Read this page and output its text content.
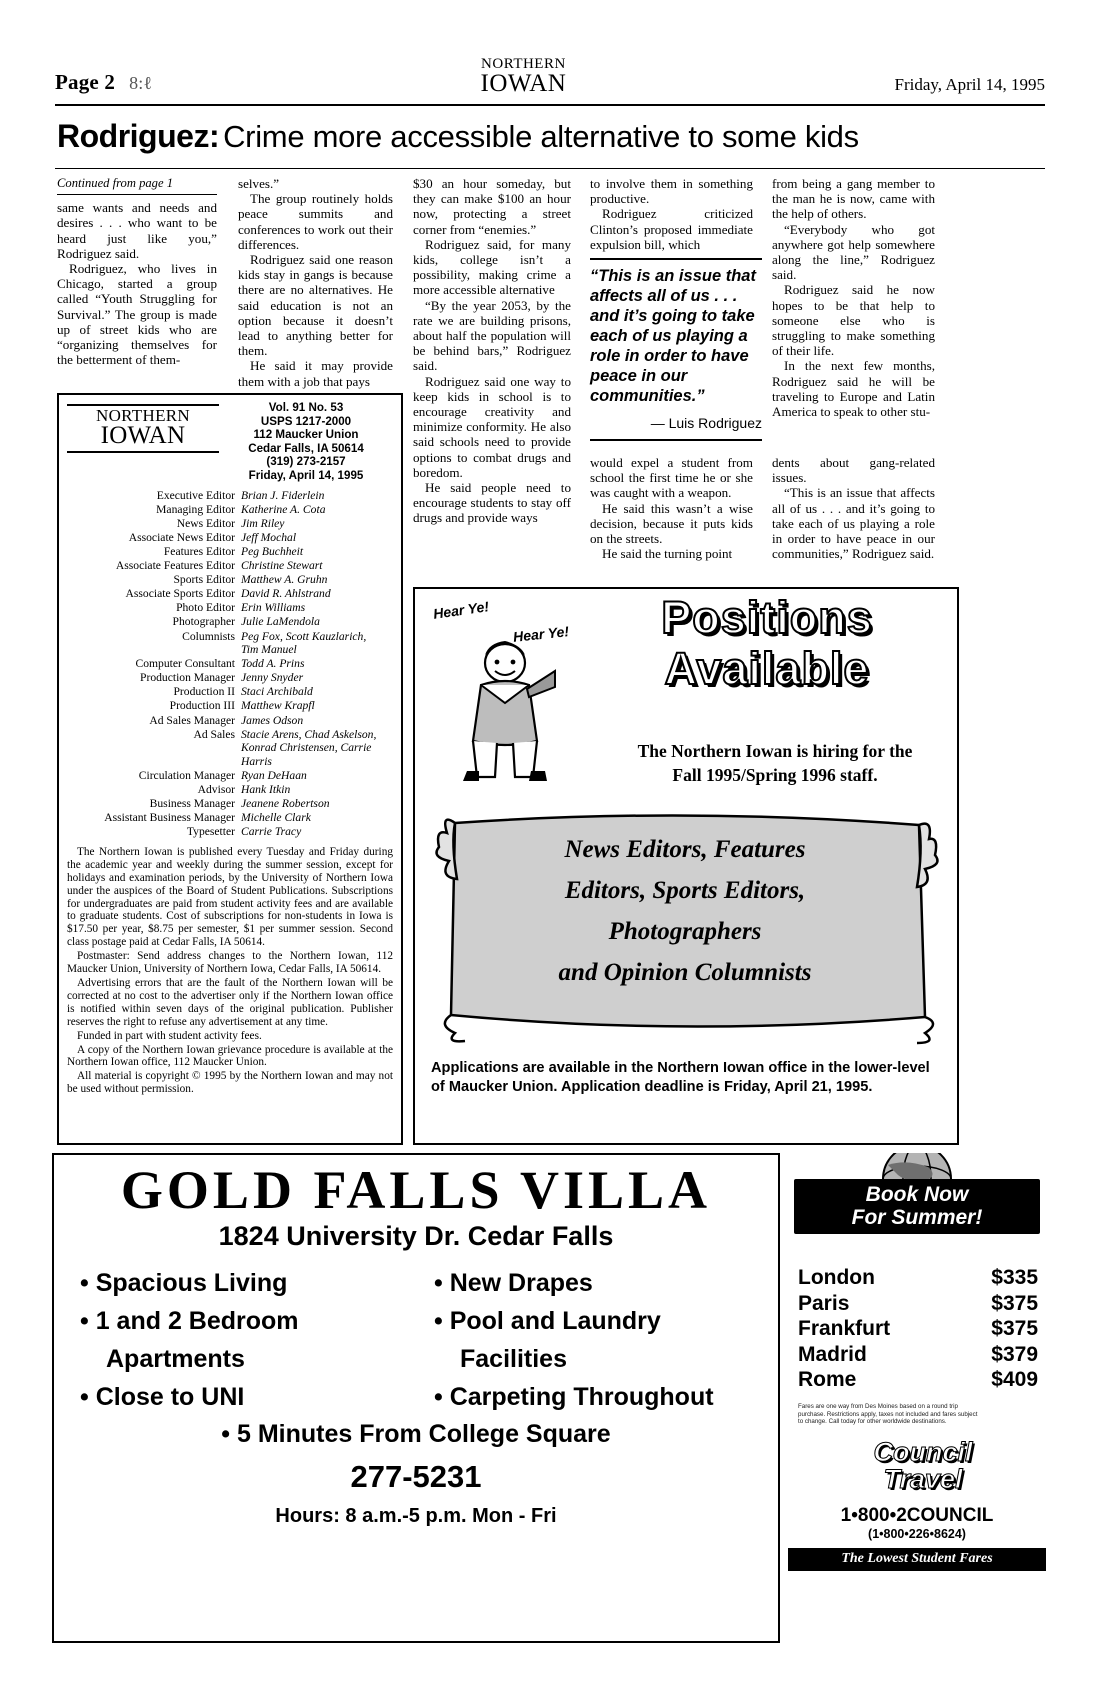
Page 2 8:ℓ
NORTHERN
IOWAN	Friday, April 14, 1995
Rodriguez: Crime more accessible alternative to some kids
Continued from page 1

same wants and needs and desires . . . who want to be heard just like you,” Rodriguez said.

Rodriguez, who lives in Chicago, started a group called “Youth Struggling for Survival.” The group is made up of street kids who are “organizing themselves for the betterment of them-

selves.”

The group routinely holds peace summits and conferences to work out their differences.

Rodriguez said one reason kids stay in gangs is because there are no alternatives. He said education is not an option because it doesn’t lead to anything better for them.

He said it may provide them with a job that pays

$30 an hour someday, but they can make $100 an hour now, protecting a street corner from “enemies.”

Rodriguez said, for many kids, college isn’t a possibility, making crime a more accessible alternative

“By the year 2053, by the rate we are building prisons, about half the population will be behind bars,” Rodriguez said.

Rodriguez said one way to keep kids in school is to encourage creativity and minimize conformity. He also said schools need to provide options to combat drugs and boredom.

He said people need to encourage students to stay off drugs and provide ways

to involve them in something productive.

Rodriguez criticized Clinton’s proposed immediate expulsion bill, which

“This is an issue that affects all of us . . . and it’s going to take each of us playing a role in order to have peace in our communities.”
— Luis Rodriguez

would expel a student from school the first time he or she was caught with a weapon.

He said this wasn’t a wise decision, because it puts kids on the streets.

He said the turning point

from being a gang member to the man he is now, came with the help of others.

“Everybody who got anywhere got help somewhere along the line,” Rodriguez said.

Rodriguez said he now hopes to be that help to someone else who is struggling to make something of their life.

In the next few months, Rodriguez said he will be traveling to Europe and Latin America to speak to other stu-

dents about gang-related issues.

“This is an issue that affects all of us . . . and it’s going to take each of us playing a role in order to have peace in our communities,” Rodriguez said.

NORTHERN
IOWAN
Vol. 91 No. 53
USPS 1217-2000
112 Maucker Union
Cedar Falls, IA 50614
(319) 273-2157
Friday, April 14, 1995
Executive Editor Brian J. Fiderlein
Managing Editor Katherine A. Cota
News Editor Jim Riley
Associate News Editor Jeff Mochal
Features Editor Peg Buchheit
Associate Features Editor Christine Stewart
Sports Editor Matthew A. Gruhn
Associate Sports Editor David R. Ahlstrand
Photo Editor Erin Williams
Photographer Julie LaMendola
Columnists Peg Fox, Scott Kauzlarich,
Tim Manuel
Computer Consultant Todd A. Prins
Production Manager Jenny Snyder
Production II Staci Archibald
Production III Matthew Krapfl
Ad Sales Manager James Odson
Ad Sales Stacie Arens, Chad Askelson,
Konrad Christensen, Carrie Harris
Circulation Manager Ryan DeHaan
Advisor Hank Itkin
Business Manager Jeanene Robertson
Assistant Business Manager Michelle Clark
Typesetter Carrie Tracy

The Northern Iowan is published every Tuesday and Friday during the academic year and weekly during the summer session, except for holidays and examination periods, by the University of Northern Iowa under the auspices of the Board of Student Publications. Subscriptions for undergraduates are paid from student activity fees and are available to graduate students. Cost of subscriptions for non-students in Iowa is $17.50 per year, $8.75 per semester, $1 per summer session. Second class postage paid at Cedar Falls, IA 50614.

Postmaster: Send address changes to the Northern Iowan, 112 Maucker Union, University of Northern Iowa, Cedar Falls, IA 50614.

Advertising errors that are the fault of the Northern Iowan will be corrected at no cost to the advertiser only if the Northern Iowan office is notified within seven days of the original publication. Publisher reserves the right to refuse any advertisement at any time.

Funded in part with student activity fees.

A copy of the Northern Iowan grievance procedure is available at the Northern Iowan office, 112 Maucker Union.

All material is copyright © 1995 by the Northern Iowan and may not be used without permission.

Hear Ye!
Hear Ye!	Positions
Available
The Northern Iowan is hiring for the
Fall 1995/Spring 1996 staff.
News Editors, Features
Editors, Sports Editors,
Photographers
and Opinion Columnists
Applications are available in the Northern Iowan office in the lower-level of Maucker Union. Application deadline is Friday, April 21, 1995.
GOLD FALLS VILLA
1824 University Dr. Cedar Falls
• Spacious Living
• 1 and 2 Bedroom
Apartments
• Close to UNI
• New Drapes
• Pool and Laundry
Facilities
• Carpeting Throughout
• 5 Minutes From College Square
277-5231
Hours: 8 a.m.-5 p.m. Mon - Fri
Book Now
For Summer!
London	$335
Paris	$375
Frankfurt	$375
Madrid	$379
Rome	$409
Fares are one way from Des Moines based on a round trip purchase. Restrictions apply, taxes not included and fares subject to change. Call today for other worldwide destinations.
Council
Travel
1•800•2COUNCIL
(1•800•226•8624)
The Lowest Student Fares
